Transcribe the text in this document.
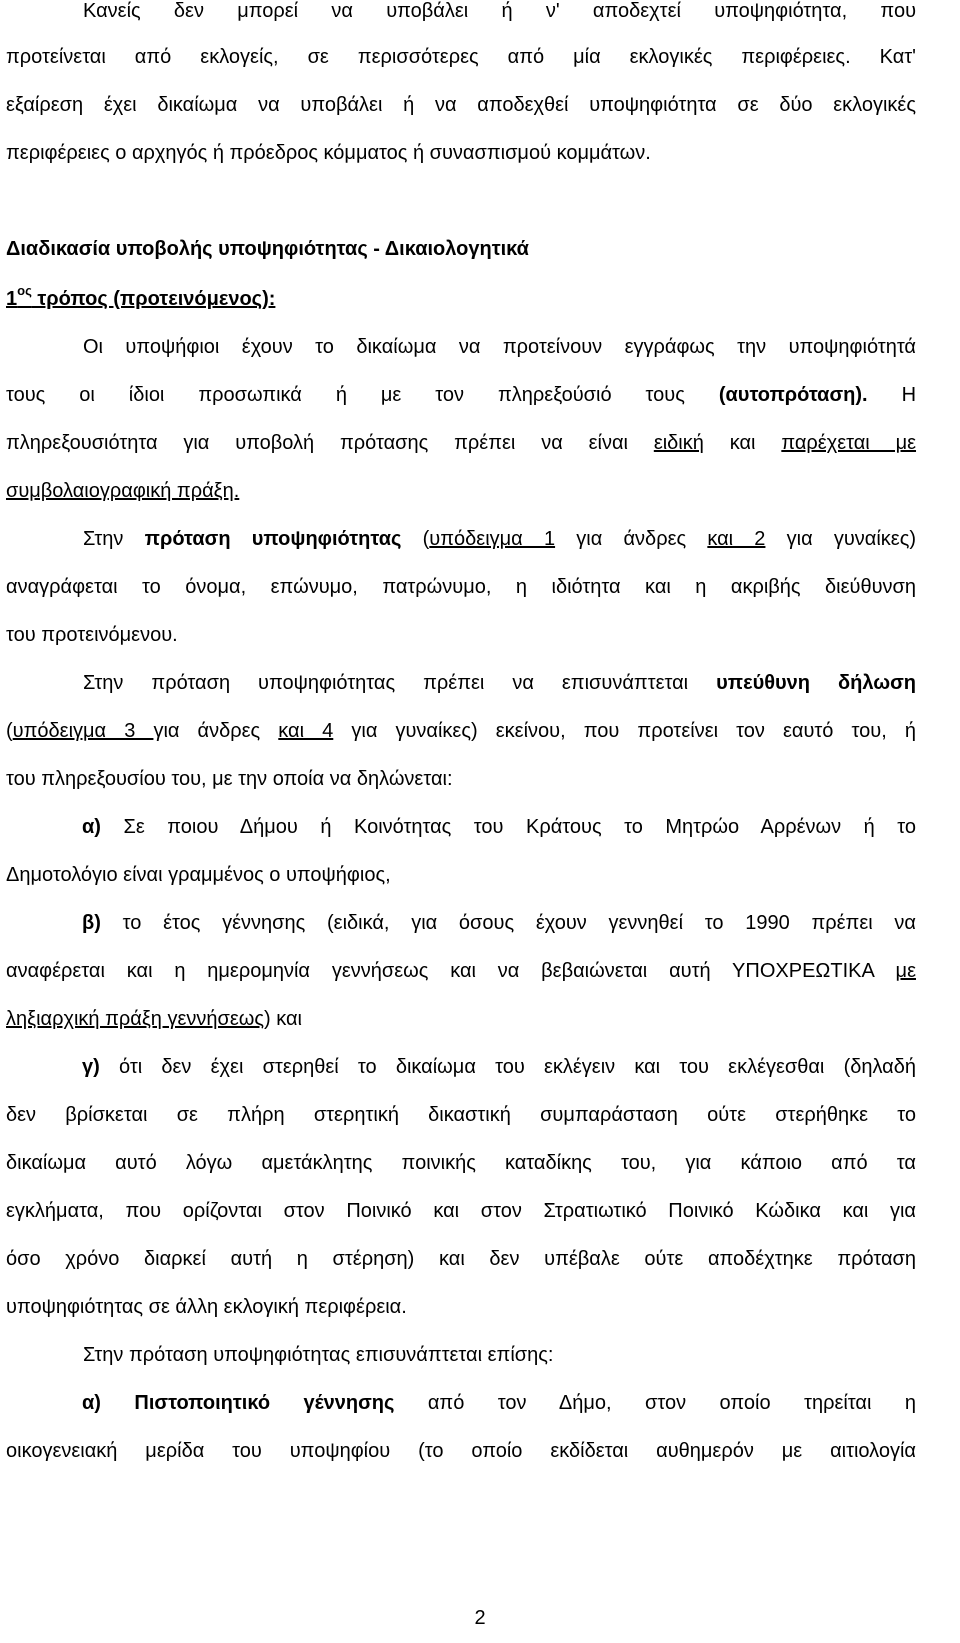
Κανείς δεν μπορεί να υποβάλει ή ν' αποδεχτεί υποψηφιότητα, που
προτείνεται από εκλογείς, σε περισσότερες από μία εκλογικές περιφέρειες. Κατ'
εξαίρεση έχει δικαίωμα να υποβάλει ή να αποδεχθεί υποψηφιότητα σε δύο εκλογικές
περιφέρειες ο αρχηγός ή πρόεδρος κόμματος ή συνασπισμού κομμάτων.
Διαδικασία υποβολής υποψηφιότητας - Δικαιολογητικά
$1^{o\varsigma}$ τρόπος (προτεινόμενος):
Οι υποψήφιοι έχουν το δικαίωμα να προτείνουν εγγράφως την υποψηφιότητά
τους οι ίδιοι προσωπικά ή με τον πληρεξούσιό τους (αυτοπρόταση). Η
πληρεξουσιότητα για υποβολή πρότασης πρέπει να είναι ειδική και παρέχεται με
συμβολαιογραφική πράξη.
Στην πρόταση υποψηφιότητας (υπόδειγμα 1 για άνδρες και 2 για γυναίκες)
αναγράφεται το όνομα, επώνυμο, πατρώνυμο, η ιδιότητα και η ακριβής διεύθυνση
του προτεινόμενου.
Στην πρόταση υποψηφιότητας πρέπει να επισυνάπτεται υπεύθυνη δήλωση
(υπόδειγμα 3 για άνδρες και 4 για γυναίκες) εκείνου, που προτείνει τον εαυτό του, ή
του πληρεξουσίου του, με την οποία να δηλώνεται:
α) Σε ποιου Δήμου ή Κοινότητας του Κράτους το Μητρώο Αρρένων ή το
Δημοτολόγιο είναι γραμμένος ο υποψήφιος,
β) το έτος γέννησης (ειδικά, για όσους έχουν γεννηθεί το 1990 πρέπει να
αναφέρεται και η ημερομηνία γεννήσεως και να βεβαιώνεται αυτή ΥΠΟΧΡΕΩΤΙΚΑ με
ληξιαρχική πράξη γεννήσεως) και
γ) ότι δεν έχει στερηθεί το δικαίωμα του εκλέγειν και του εκλέγεσθαι (δηλαδή
δεν βρίσκεται σε πλήρη στερητική δικαστική συμπαράσταση ούτε στερήθηκε το
δικαίωμα αυτό λόγω αμετάκλητης ποινικής καταδίκης του, για κάποιο από τα
εγκλήματα, που ορίζονται στον Ποινικό και στον Στρατιωτικό Ποινικό Κώδικα και για
όσο χρόνο διαρκεί αυτή η στέρηση) και δεν υπέβαλε ούτε αποδέχτηκε πρόταση
υποψηφιότητας σε άλλη εκλογική περιφέρεια.
Στην πρόταση υποψηφιότητας επισυνάπτεται επίσης:
α) Πιστοποιητικό γέννησης από τον Δήμο, στον οποίο τηρείται η
οικογενειακή μερίδα του υποψηφίου (το οποίο εκδίδεται αυθημερόν με αιτιολογία
2
